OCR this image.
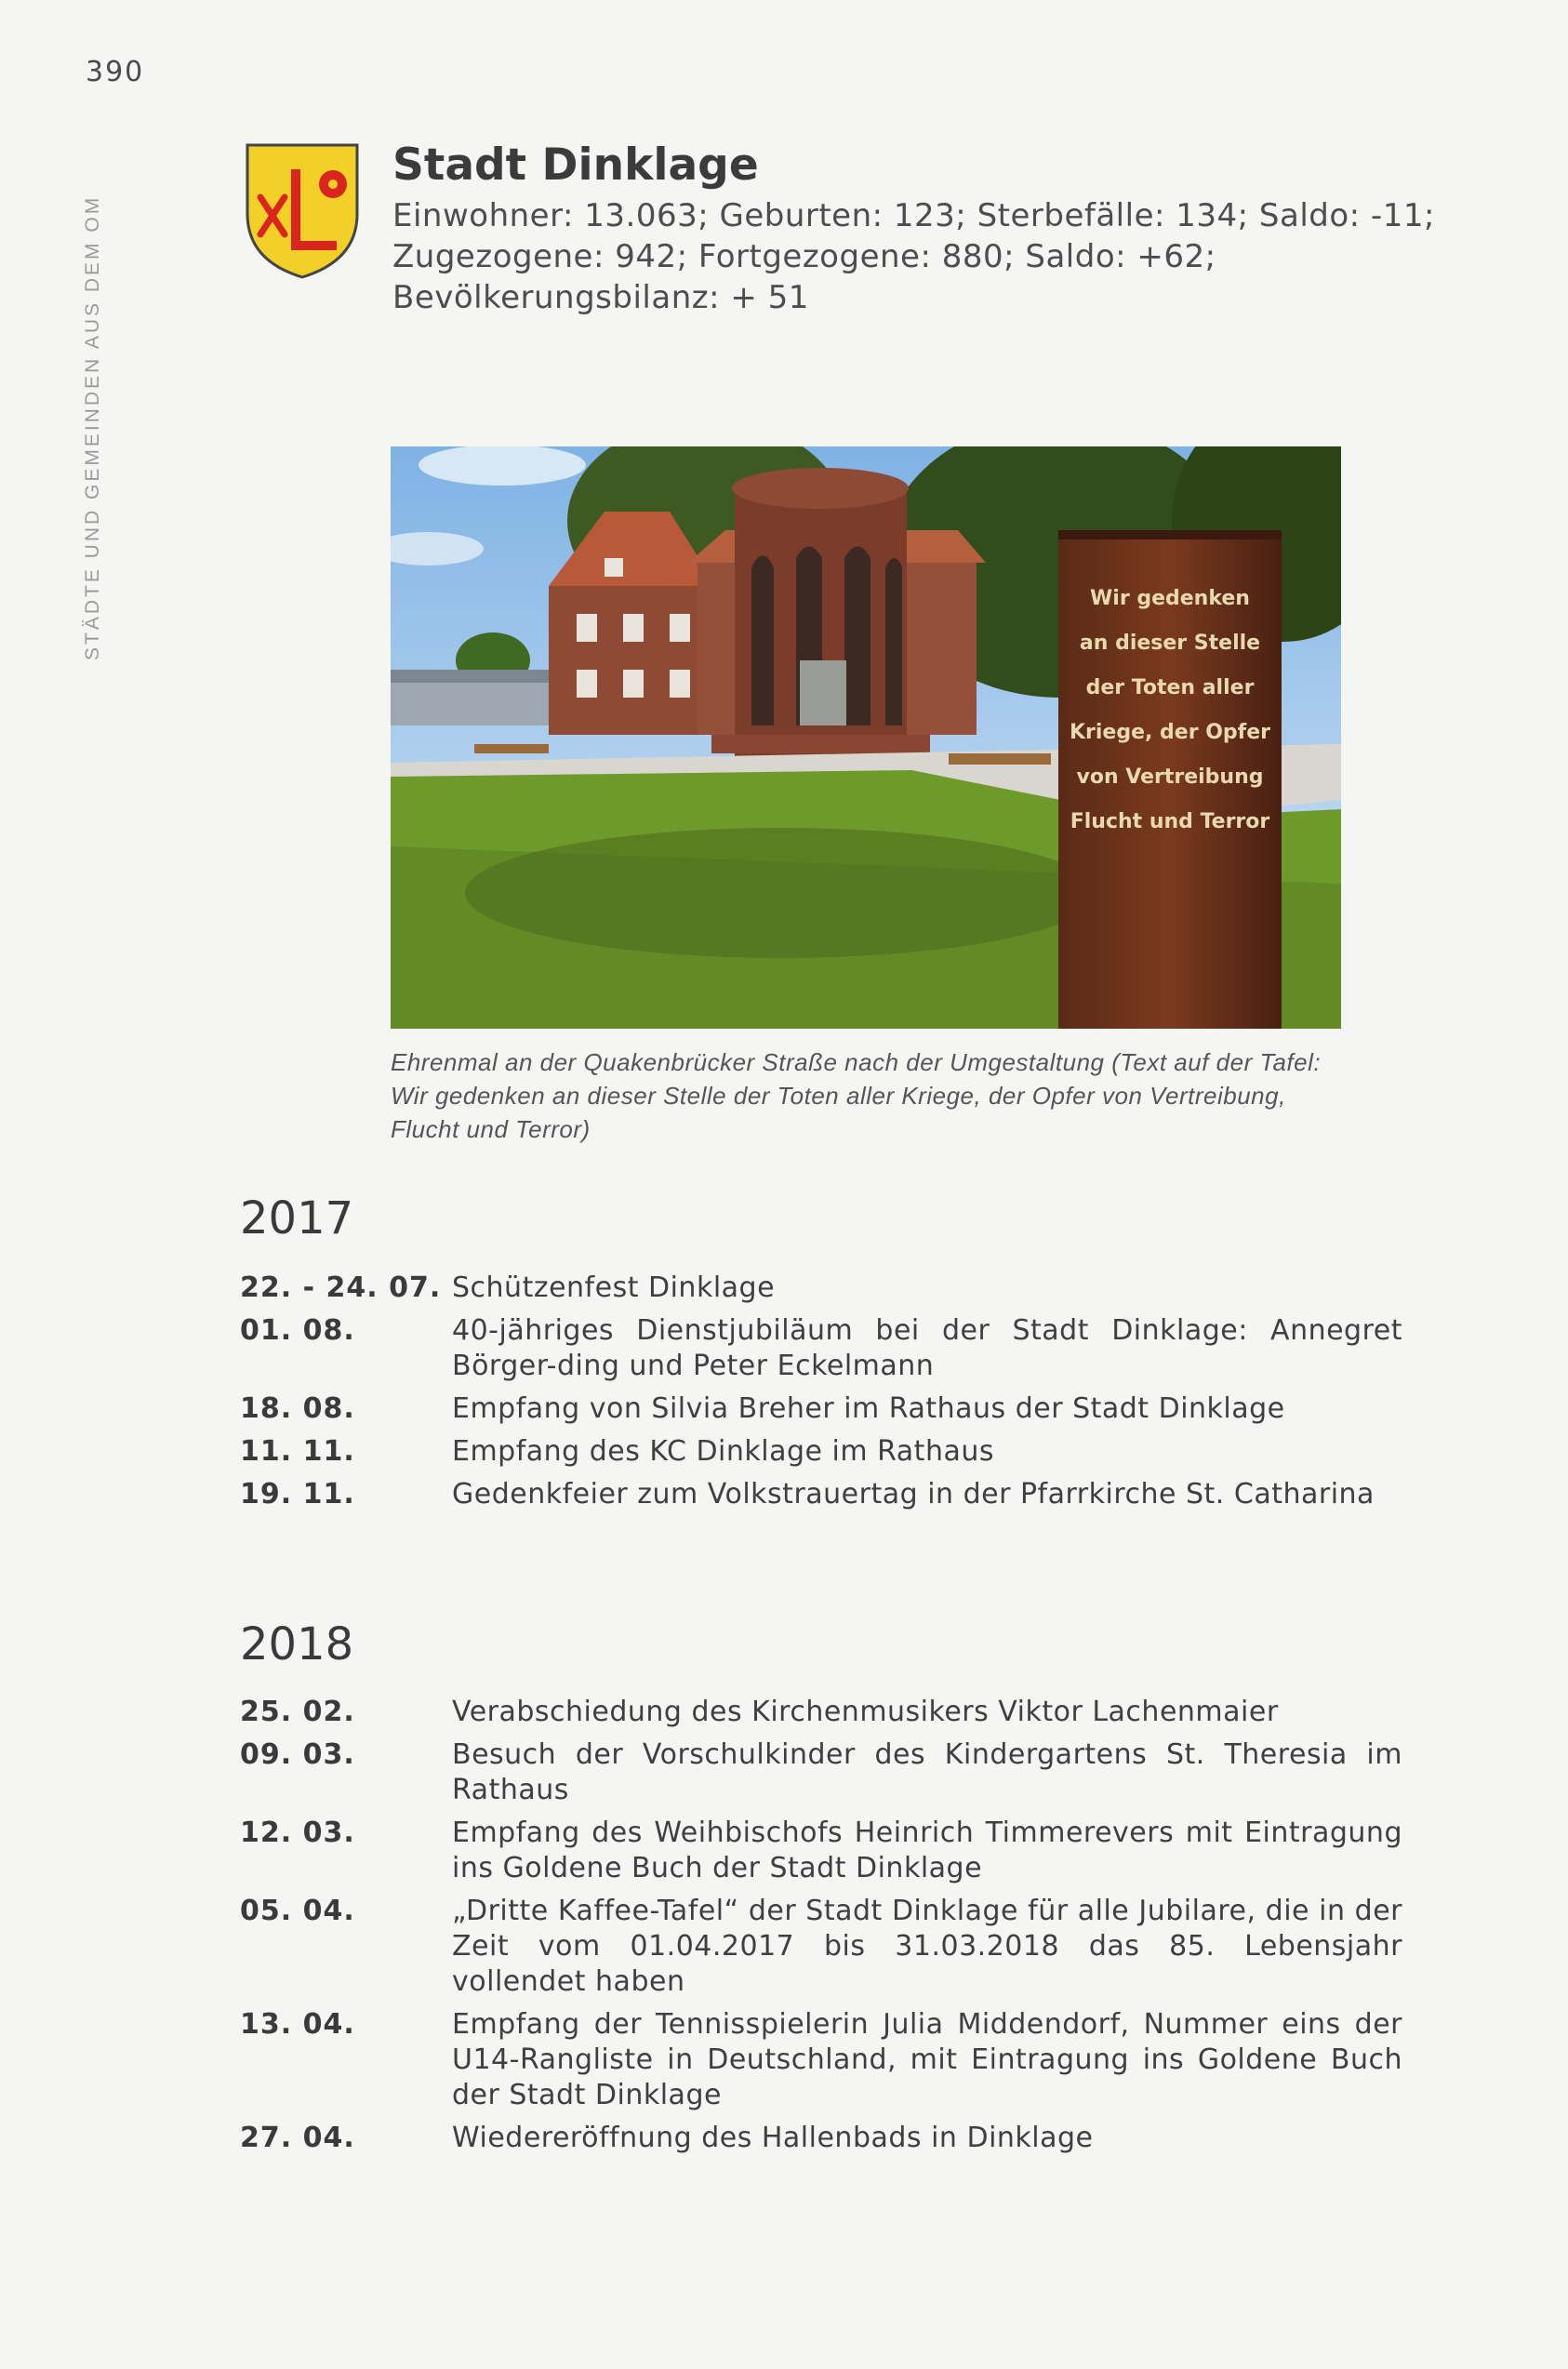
390
STÄDTE UND GEMEINDEN AUS DEM OM
Stadt Dinklage
Einwohner: 13.063; Geburten: 123; Sterbefälle: 134; Saldo: -11;
Zugezogene: 942; Fortgezogene: 880; Saldo: +62;
Bevölkerungsbilanz: + 51
Wir gedenken
an dieser Stelle
der Toten aller
Kriege, der Opfer
von Vertreibung
Flucht und Terror
Ehrenmal an der Quakenbrücker Straße nach der Umgestaltung (Text auf der Tafel: Wir gedenken an dieser Stelle der Toten aller Kriege, der Opfer von Vertreibung, Flucht und Terror)
2017
22. - 24. 07. Schützenfest Dinklage
01. 08.	40-jähriges Dienstjubiläum bei der Stadt Dinklage: Annegret Börger-ding und Peter Eckelmann
18. 08.	Empfang von Silvia Breher im Rathaus der Stadt Dinklage
11. 11.	Empfang des KC Dinklage im Rathaus
19. 11.	Gedenkfeier zum Volkstrauertag in der Pfarrkirche St. Catharina
2018
25. 02.	Verabschiedung des Kirchenmusikers Viktor Lachenmaier
09. 03.	Besuch der Vorschulkinder des Kindergartens St. Theresia im Rathaus
12. 03.	Empfang des Weihbischofs Heinrich Timmerevers mit Eintragung ins Goldene Buch der Stadt Dinklage
05. 04.	„Dritte Kaffee-Tafel“ der Stadt Dinklage für alle Jubilare, die in der Zeit vom 01.04.2017 bis 31.03.2018 das 85. Lebensjahr vollendet haben
13. 04.	Empfang der Tennisspielerin Julia Middendorf, Nummer eins der U14-Rangliste in Deutschland, mit Eintragung ins Goldene Buch der Stadt Dinklage
27. 04.	Wiedereröffnung des Hallenbads in Dinklage
